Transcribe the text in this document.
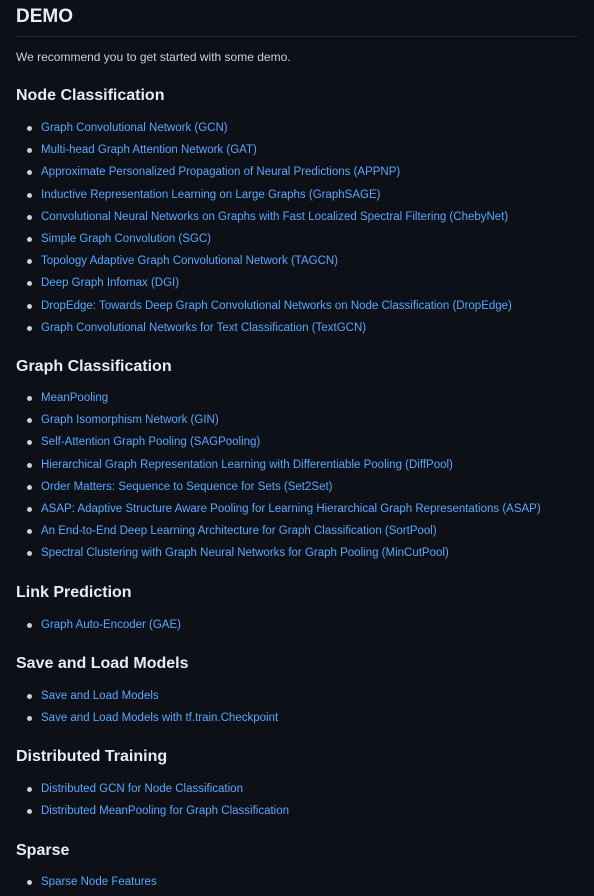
DEMO
We recommend you to get started with some demo.
Node Classification
Graph Convolutional Network (GCN)
Multi-head Graph Attention Network (GAT)
Approximate Personalized Propagation of Neural Predictions (APPNP)
Inductive Representation Learning on Large Graphs (GraphSAGE)
Convolutional Neural Networks on Graphs with Fast Localized Spectral Filtering (ChebyNet)
Simple Graph Convolution (SGC)
Topology Adaptive Graph Convolutional Network (TAGCN)
Deep Graph Infomax (DGI)
DropEdge: Towards Deep Graph Convolutional Networks on Node Classification (DropEdge)
Graph Convolutional Networks for Text Classification (TextGCN)
Graph Classification
MeanPooling
Graph Isomorphism Network (GIN)
Self-Attention Graph Pooling (SAGPooling)
Hierarchical Graph Representation Learning with Differentiable Pooling (DiffPool)
Order Matters: Sequence to Sequence for Sets (Set2Set)
ASAP: Adaptive Structure Aware Pooling for Learning Hierarchical Graph Representations (ASAP)
An End-to-End Deep Learning Architecture for Graph Classification (SortPool)
Spectral Clustering with Graph Neural Networks for Graph Pooling (MinCutPool)
Link Prediction
Graph Auto-Encoder (GAE)
Save and Load Models
Save and Load Models
Save and Load Models with tf.train.Checkpoint
Distributed Training
Distributed GCN for Node Classification
Distributed MeanPooling for Graph Classification
Sparse
Sparse Node Features
